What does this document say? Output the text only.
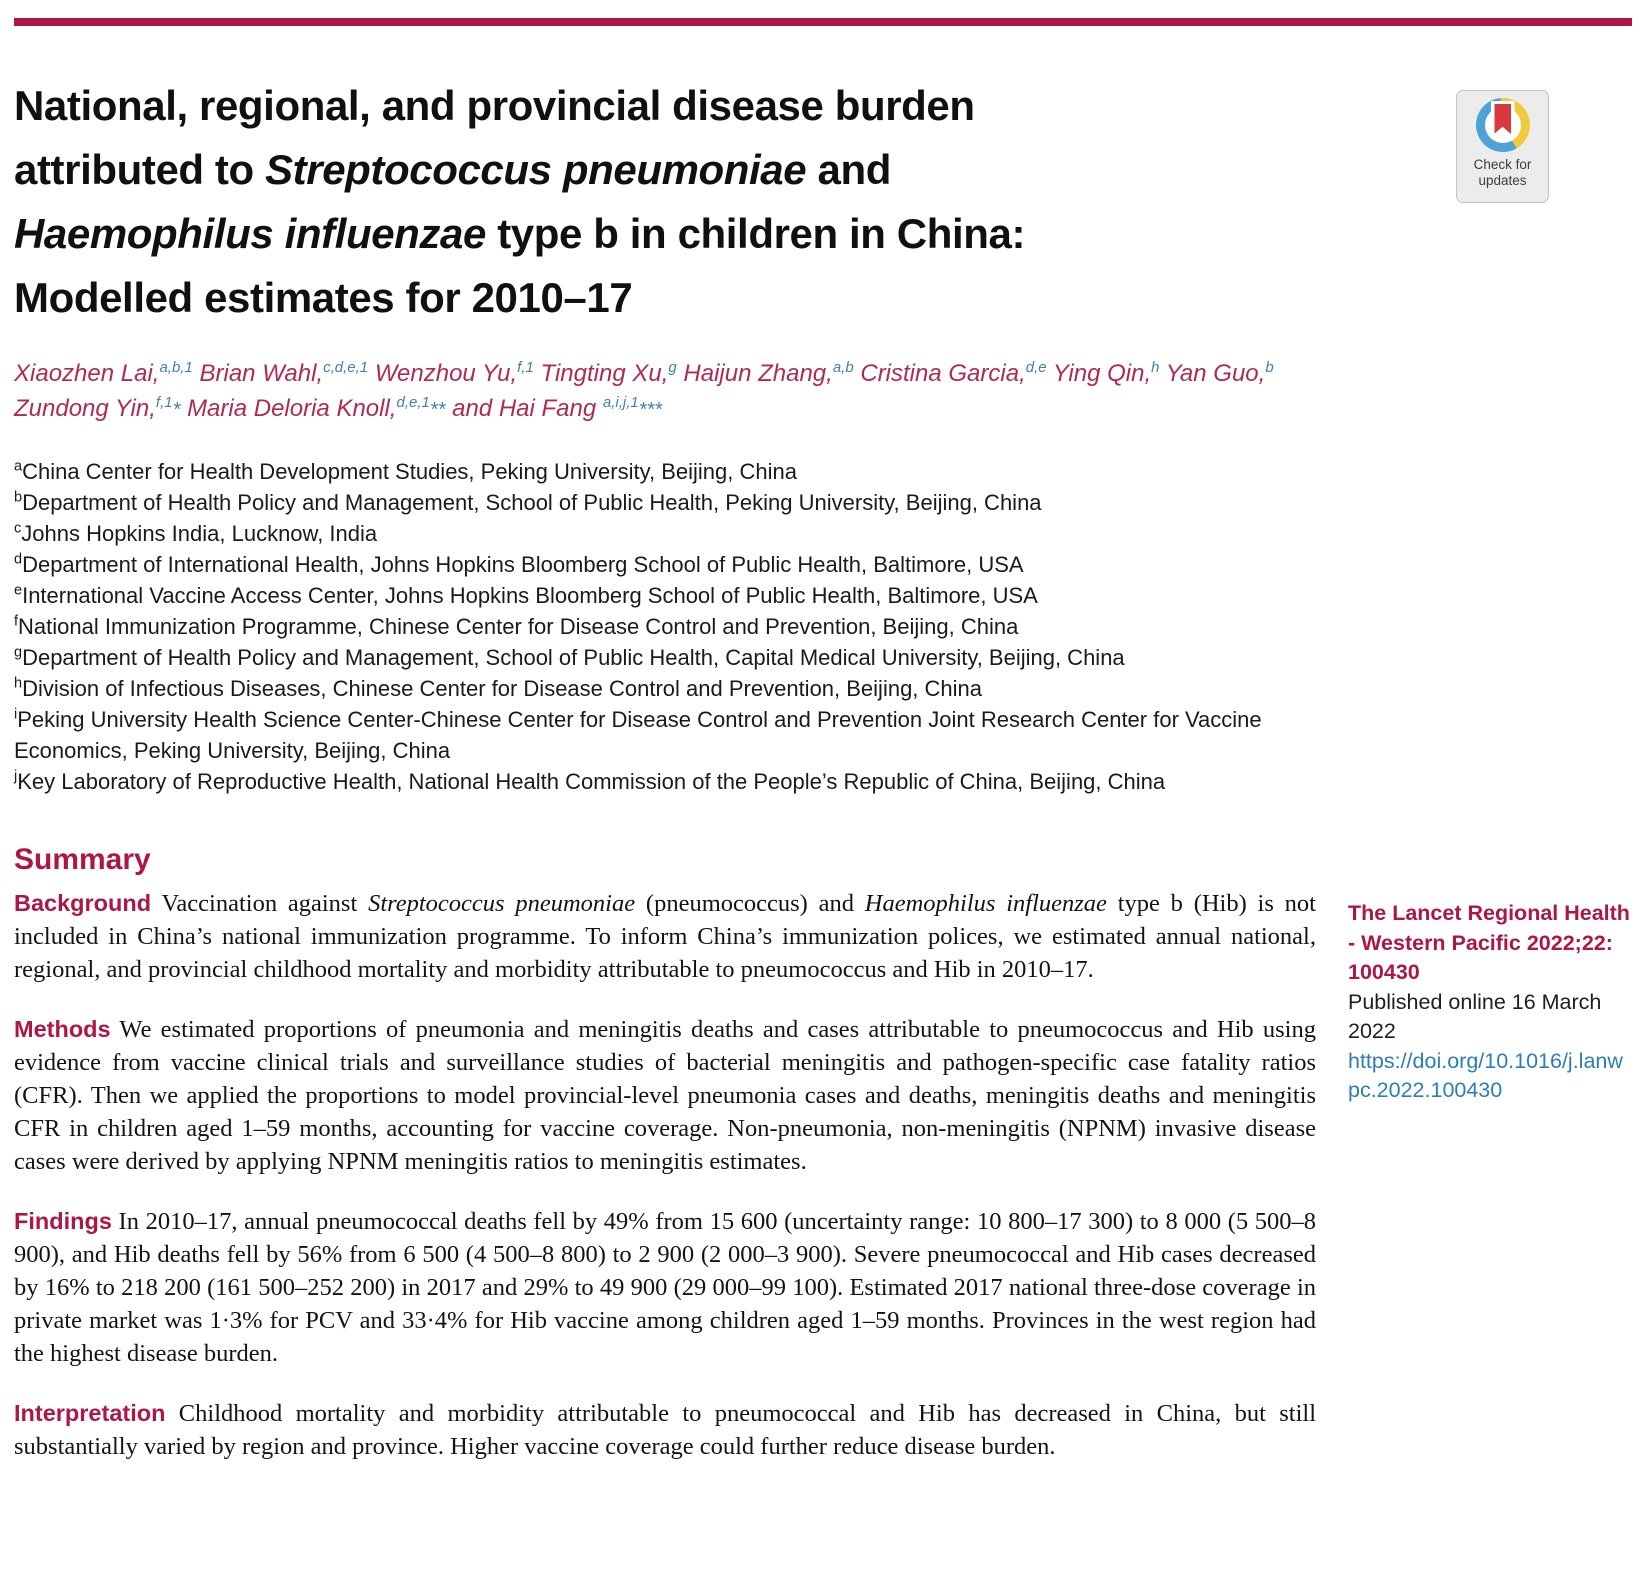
Check for
updates
National, regional, and provincial disease burden
attributed to Streptococcus pneumoniae and
Haemophilus influenzae type b in children in China:
Modelled estimates for 2010–17
Xiaozhen Lai,$^{a,b,1}$ Brian Wahl,$^{c,d,e,1}$ Wenzhou Yu,$^{f,1}$ Tingting Xu,$^g$ Haijun Zhang,$^{a,b}$ Cristina Garcia,$^{d,e}$ Ying Qin,$^h$ Yan Guo,$^b$
Zundong Yin,$^{f,1}$* Maria Deloria Knoll,$^{d,e,1}$** and Hai Fang $^{a,i,j,1}$***
$^a$China Center for Health Development Studies, Peking University, Beijing, China
$^b$Department of Health Policy and Management, School of Public Health, Peking University, Beijing, China
$^c$Johns Hopkins India, Lucknow, India
$^d$Department of International Health, Johns Hopkins Bloomberg School of Public Health, Baltimore, USA
$^e$International Vaccine Access Center, Johns Hopkins Bloomberg School of Public Health, Baltimore, USA
$^f$National Immunization Programme, Chinese Center for Disease Control and Prevention, Beijing, China
$^g$Department of Health Policy and Management, School of Public Health, Capital Medical University, Beijing, China
$^h$Division of Infectious Diseases, Chinese Center for Disease Control and Prevention, Beijing, China
$^i$Peking University Health Science Center-Chinese Center for Disease Control and Prevention Joint Research Center for Vaccine Economics, Peking University, Beijing, China
$^j$Key Laboratory of Reproductive Health, National Health Commission of the People’s Republic of China, Beijing, China
Summary

Background Vaccination against Streptococcus pneumoniae (pneumococcus) and Haemophilus influenzae type b (Hib) is not included in China’s national immunization programme. To inform China’s immunization polices, we estimated annual national, regional, and provincial childhood mortality and morbidity attributable to pneumococcus and Hib in 2010–17.

Methods We estimated proportions of pneumonia and meningitis deaths and cases attributable to pneumococcus and Hib using evidence from vaccine clinical trials and surveillance studies of bacterial meningitis and pathogen-specific case fatality ratios (CFR). Then we applied the proportions to model provincial-level pneumonia cases and deaths, meningitis deaths and meningitis CFR in children aged 1–59 months, accounting for vaccine coverage. Non-pneumonia, non-meningitis (NPNM) invasive disease cases were derived by applying NPNM meningitis ratios to meningitis estimates.

Findings In 2010–17, annual pneumococcal deaths fell by 49% from 15 600 (uncertainty range: 10 800–17 300) to 8 000 (5 500–8 900), and Hib deaths fell by 56% from 6 500 (4 500–8 800) to 2 900 (2 000–3 900). Severe pneumococcal and Hib cases decreased by 16% to 218 200 (161 500–252 200) in 2017 and 29% to 49 900 (29 000–99 100). Estimated 2017 national three-dose coverage in private market was 1·3% for PCV and 33·4% for Hib vaccine among children aged 1–59 months. Provinces in the west region had the highest disease burden.

Interpretation Childhood mortality and morbidity attributable to pneumococcal and Hib has decreased in China, but still substantially varied by region and province. Higher vaccine coverage could further reduce disease burden.

The Lancet Regional Health - Western Pacific 2022;22: 100430
Published online 16 March 2022
https://doi.org/10.1016/j.lanwpc.2022.100430
